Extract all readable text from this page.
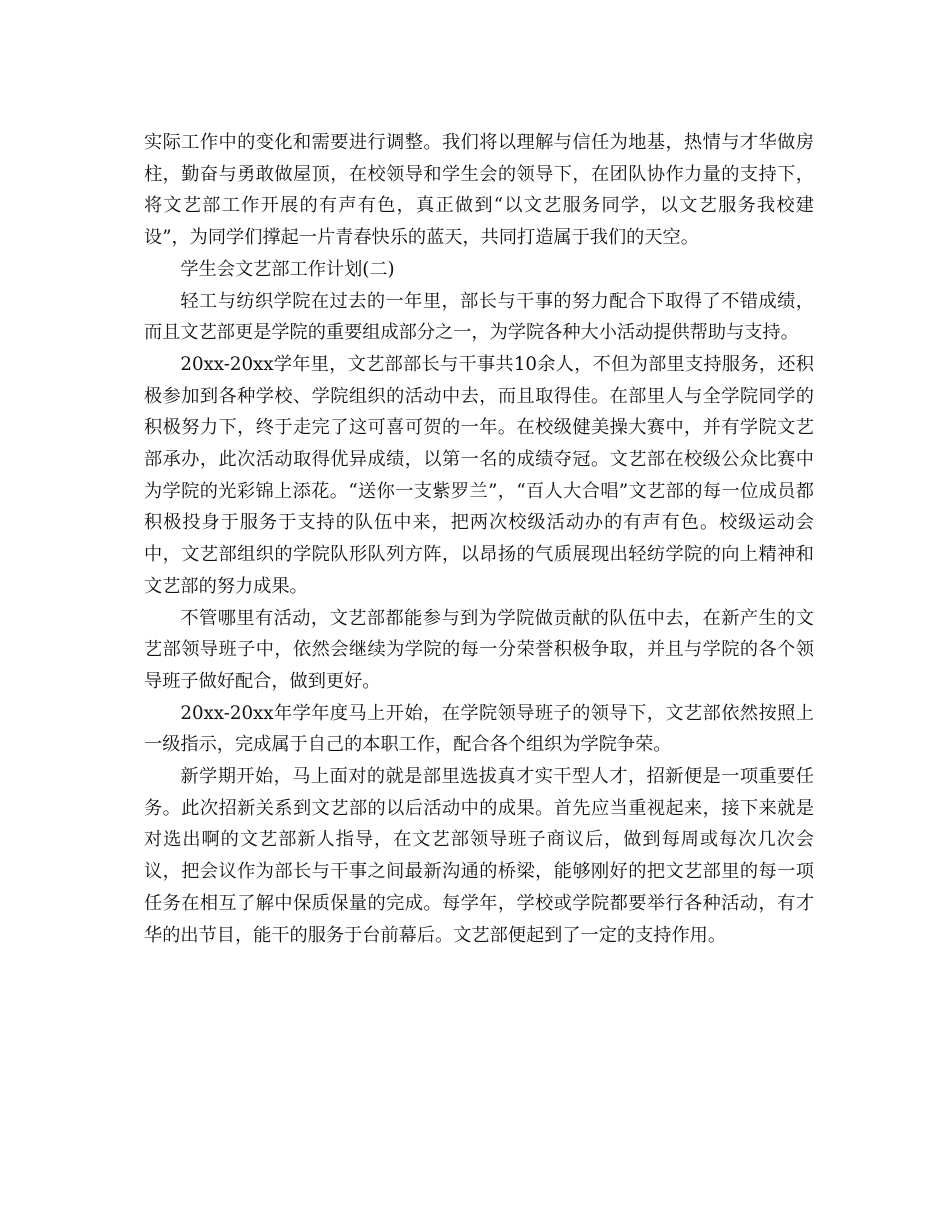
实际工作中的变化和需要进行调整。我们将以理解与信任为地基，热情与才华做房柱，勤奋与勇敢做屋顶，在校领导和学生会的领导下，在团队协作力量的支持下，将文艺部工作开展的有声有色，真正做到“以文艺服务同学，以文艺服务我校建设”，为同学们撑起一片青春快乐的蓝天，共同打造属于我们的天空。

学生会文艺部工作计划(二)

轻工与纺织学院在过去的一年里，部长与干事的努力配合下取得了不错成绩，而且文艺部更是学院的重要组成部分之一，为学院各种大小活动提供帮助与支持。

20xx-20xx学年里，文艺部部长与干事共10余人，不但为部里支持服务，还积极参加到各种学校、学院组织的活动中去，而且取得佳。在部里人与全学院同学的积极努力下，终于走完了这可喜可贺的一年。在校级健美操大赛中，并有学院文艺部承办，此次活动取得优异成绩，以第一名的成绩夺冠。文艺部在校级公众比赛中为学院的光彩锦上添花。“送你一支紫罗兰”，“百人大合唱”文艺部的每一位成员都积极投身于服务于支持的队伍中来，把两次校级活动办的有声有色。校级运动会中，文艺部组织的学院队形队列方阵，以昂扬的气质展现出轻纺学院的向上精神和文艺部的努力成果。

不管哪里有活动，文艺部都能参与到为学院做贡献的队伍中去，在新产生的文艺部领导班子中，依然会继续为学院的每一分荣誉积极争取，并且与学院的各个领导班子做好配合，做到更好。

20xx-20xx年学年度马上开始，在学院领导班子的领导下，文艺部依然按照上一级指示，完成属于自己的本职工作，配合各个组织为学院争荣。

新学期开始，马上面对的就是部里选拔真才实干型人才，招新便是一项重要任务。此次招新关系到文艺部的以后活动中的成果。首先应当重视起来，接下来就是对选出啊的文艺部新人指导，在文艺部领导班子商议后，做到每周或每次几次会议，把会议作为部长与干事之间最新沟通的桥梁，能够刚好的把文艺部里的每一项任务在相互了解中保质保量的完成。每学年，学校或学院都要举行各种活动，有才华的出节目，能干的服务于台前幕后。文艺部便起到了一定的支持作用。
